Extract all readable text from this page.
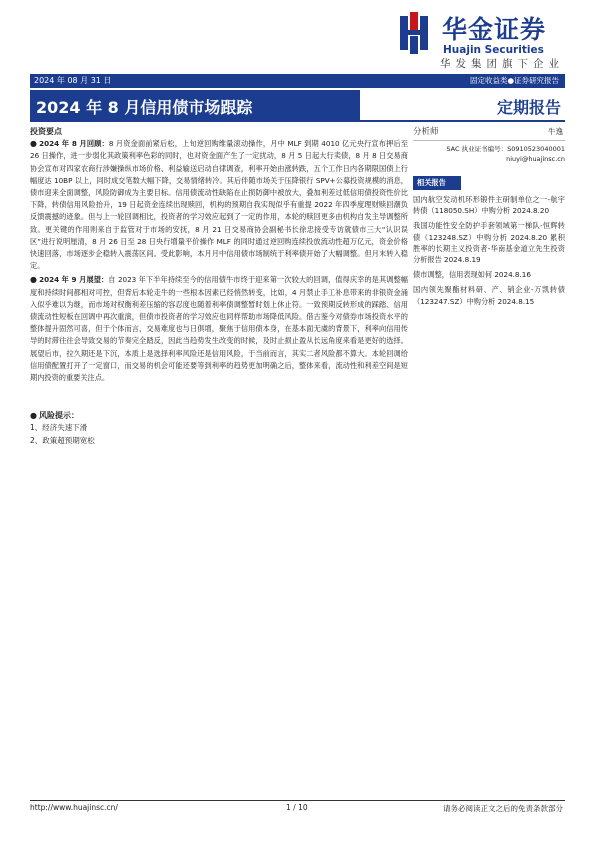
华金证券
Huajin Securities
华发集团旗下企业
2024 年 08 月 31 日	固定收益类●证券研究报告
2024 年 8 月信用债市场跟踪	定期报告

投资要点

● 2024 年 8 月回顾：8 月资金面前紧后松，上旬逆回购维量滚动操作，月中 MLF 到期 4010 亿元央行宣布押后至 26 日操作，进一步弱化其政策利率色彩的同时，也对资金面产生了一定扰动，8 月 5 日起大行卖债，8 月 8 日交易商协会宣布对四家农商行涉嫌操纵市场价格、利益输送启动自律调查，利率开始由涨转跌，五个工作日内各期限国债上行幅度达 10BP 以上，同时成交笔数大幅下降，交易情绪转冷。其后伴随市场关于压降银行 SPV+公募投资规模的消息，债市迎来全面调整，风险防御成为主要目标。信用债流动性缺陷在止损防御中被放大，叠加利差过低信用债投资性价比下降，转债信用风险抬升，19 日起资金连续出现赎回，机构的预期自我实现似乎有重提 2022 年四季度理财赎回潮负反馈震撼的迹象。但与上一轮回调相比，投资者的学习效应起到了一定的作用，本轮的赎回更多由机构自发主导调整所致。更关键的作用则来自于监管对于市场的安抚，8 月 21 日交易商协会副秘书长徐忠接受专访就债市三大“认识误区”进行说明厘清，8 月 26 日至 28 日央行增量平价操作 MLF 的同时通过逆回购连续投放流动性超万亿元，资金价格快速回落，市场逐步企稳转入震荡区间。受此影响，本月月中信用债市场制统于利率债开始了大幅调整。但月末转入稳定。

● 2024 年 9 月展望：自 2023 年下半年持续至今的信用债牛市终于迎来第一次较大的回调，值得庆幸的是其调整幅度和持续时间都相对可控，但背后本轮走牛的一些根本因素已经悄然转变，比如，4 月禁止手工补息带来的非银资金涌入似乎难以为继，而市场对权衡利差压缩的容忍度也随着利率债调整暂时划上休止符。一致预期反转形成的踩踏、信用债流动性短板在回调中再次重演，但债市投资者的学习效应也同样帮助市场降低风险。借古鉴今对债券市场投资水平的整体提升固然可喜，但于个体而言，交易难度也与日俱增，聚焦于信用债本身，在基本面无虞的背景下，利率向信用传导的时滞往往会导致交易的节奏完全踏反，因此当趋势发生改变的时候，及时止损止盈从长远角度来看是更好的选择。展望后市，拉久期还是下沉，本质上是选择利率风险还是信用风险，于当前而言，其实二者风险都不算大。本轮回调给信用债配置打开了一定窗口，而交易的机会可能还要等到利率的趋势更加明确之后，整体来看，流动性和利差空间是短期内投资的重要关注点。

● 风险提示：

1、经济失速下滑

2、政策超预期宽松

分析师	牛逸
SAC 执业证书编号：S0910523040001
niuyi@huajinsc.cn
相关报告
国内航空发动机环形锻件主研制单位之一-航宇转债（118050.SH）中购分析 2024.8.20
我国功能性安全防护手套领域第一梯队-恒辉转债（123248.SZ）中购分析 2024.8.20 累积胜率的长期主义投资者-华南基金道立先生投资分析报告 2024.8.19
债市调整，信用表现如何 2024.8.16
国内领先聚酯材料研、产、销企业-万凯转债（123247.SZ）中购分析 2024.8.15
http://www.huajinsc.cn/	1 / 10	请务必阅读正文之后的免责条款部分
